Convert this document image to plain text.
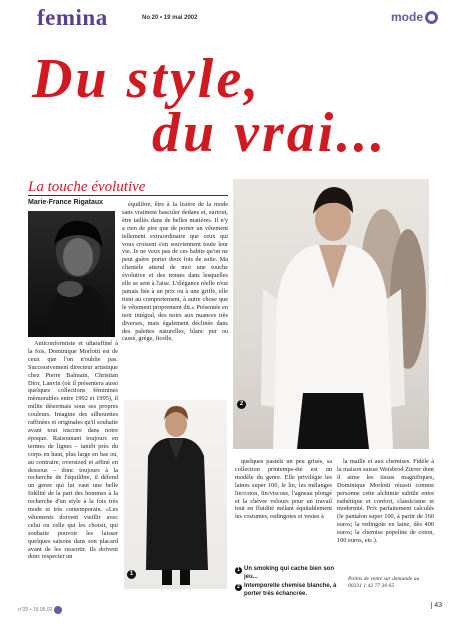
femina	No 20 • 19 mai 2002	mode
Du style,
du vrai...
La touche évolutive
Marie-France Rigataux

Anticonformiste et ultaraffiné à la fois, Dominique Morlotti est de ceux que l'on n'oublie pas. Successivement directeur artistique chez Pierre Balmain, Christian Dior, Lanvin (où il présentera aussi quelques collections féminines mémorables entre 1992 et 1995), il milite désormais sous ses propres couleurs. Imagine des silhouettes raffinées et originales qu'il souhaite avant tout inscrire dans notre époque. Raisonnant toujours en termes de lignes – tantôt près du corps en haut, plus large en bas ou, au contraire, oversized et affiné en dessous – donc toujours à la recherche de l'équilibre, il défend un genre qui lui vaut une belle fidélité de la part des hommes à la recherche d'un style à la fois très mode et très contemporain. «Les vêtements doivent vieillir avec celui ou celle qui les choisit, qui souhaite pouvoir les laisser quelques saisons dans son placard avant de les ressortir. Ils doivent donc respecter un

équilibre, être à la lisière de la mode sans vraiment basculer dedans et, surtout, être taillés dans de belles matières. Il n'y a rien de pire que de porter un vêtement tellement extraordinaire que ceux qui vous croisent s'en souviennent toute leur vie. Je ne veux pas de ces habits qu'on ne peut guère porter deux fois de suite. Ma clientèle attend de moi une touche évolutive et des tenues dans lesquelles elle se sent à l'aise. L'élégance réelle n'est jamais liée à un prix ou à une griffe, elle tient au comportement, à autre chose que le vêtement proprement dit.» Présentée en noir intégral, des noirs aux nuances très diverses, mais également déclinée dans des palettes naturelles, blanc pur ou cassé, grège, ficelle,

2
1

quelques pastels un peu grisés, sa collection printemps-été est un modèle du genre. Elle privilégie les laines super 100, le lin, les mélanges lin/coton, lin/viscose, l'agneau plongé et la chèvre velours pour un travail tout en fluidité mélant équitablement les costumes, redingotes et vestes à

la maille et aux chemises. Fidèle à la maison suisse Weisbrod Zürrer dont il aime les tissus magnifiques, Dominique Morlotti réussit comme personne cette alchimie subtile entre esthétique et confort, classicisme et modernité. Prix parfaitement calculés (le pantalon super 100, à partir de 160 euros; la redingote en laine, dès 400 euros; la chemise popeline de coton, 100 euros, etc.).

1 Un smoking qui cache bien son jeu...
2 Intemporelle chemise blanche, à porter très échancrée.
Points de vente sur demande au 00331 1 42 77 30 65
n°20 • 19.05.02
43
